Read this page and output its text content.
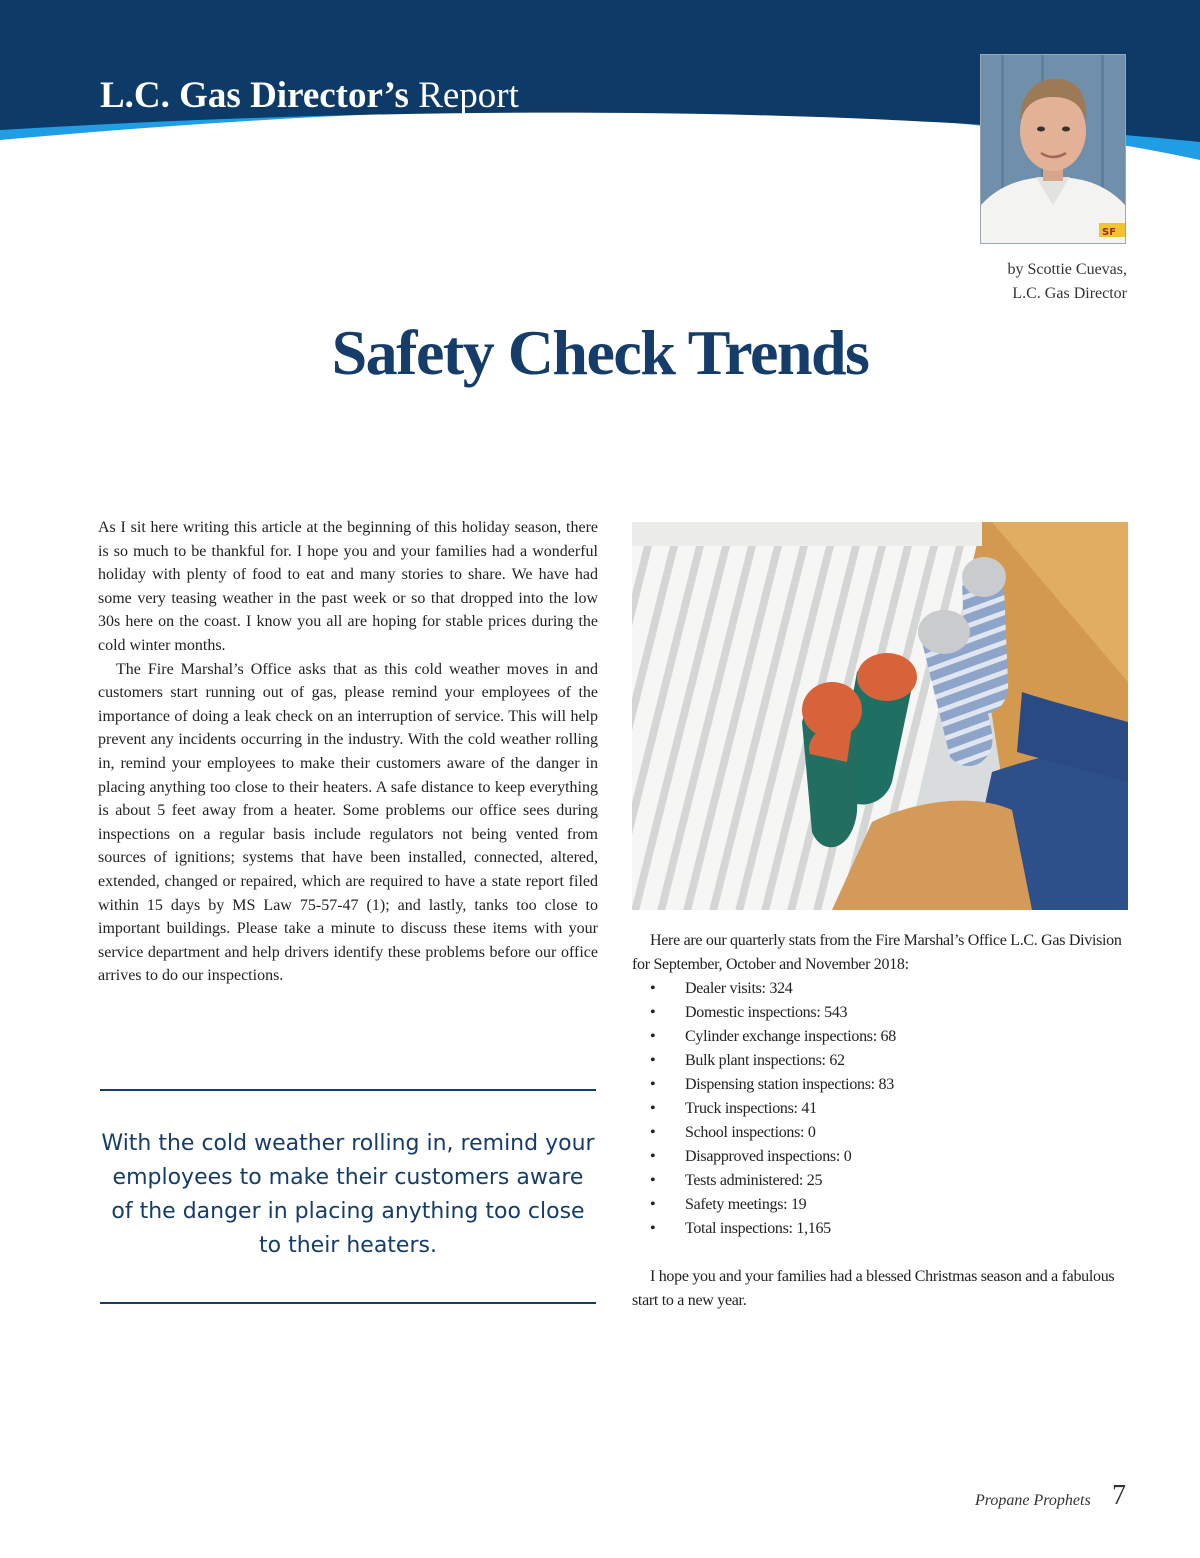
L.C. Gas Director’s Report
SF
by Scottie Cuevas,
L.C. Gas Director
Safety Check Trends

As I sit here writing this article at the beginning of this holiday season, there is so much to be thankful for. I hope you and your families had a wonderful holiday with plenty of food to eat and many stories to share. We have had some very teasing weather in the past week or so that dropped into the low 30s here on the coast. I know you all are hoping for stable prices during the cold winter months.

The Fire Marshal’s Office asks that as this cold weather moves in and customers start running out of gas, please remind your employees of the importance of doing a leak check on an interruption of service. This will help prevent any incidents occurring in the industry. With the cold weather rolling in, remind your employees to make their customers aware of the danger in placing anything too close to their heaters. A safe distance to keep everything is about 5 feet away from a heater. Some problems our office sees during inspections on a regular basis include regulators not being vented from sources of ignitions; systems that have been installed, connected, altered, extended, changed or repaired, which are required to have a state report filed within 15 days by MS Law 75-57-47 (1); and lastly, tanks too close to important buildings. Please take a minute to discuss these items with your service department and help drivers identify these problems before our office arrives to do our inspections.

With the cold weather rolling in, remind your employees to make their customers aware of the danger in placing anything too close to their heaters.

Here are our quarterly stats from the Fire Marshal’s Office L.C. Gas Division for September, October and November 2018:

• Dealer visits: 324
• Domestic inspections: 543
• Cylinder exchange inspections: 68
• Bulk plant inspections: 62
• Dispensing station inspections: 83
• Truck inspections: 41
• School inspections: 0
• Disapproved inspections: 0
• Tests administered: 25
• Safety meetings: 19
• Total inspections: 1,165

I hope you and your families had a blessed Christmas season and a fabulous start to a new year.

Propane Prophets 7
